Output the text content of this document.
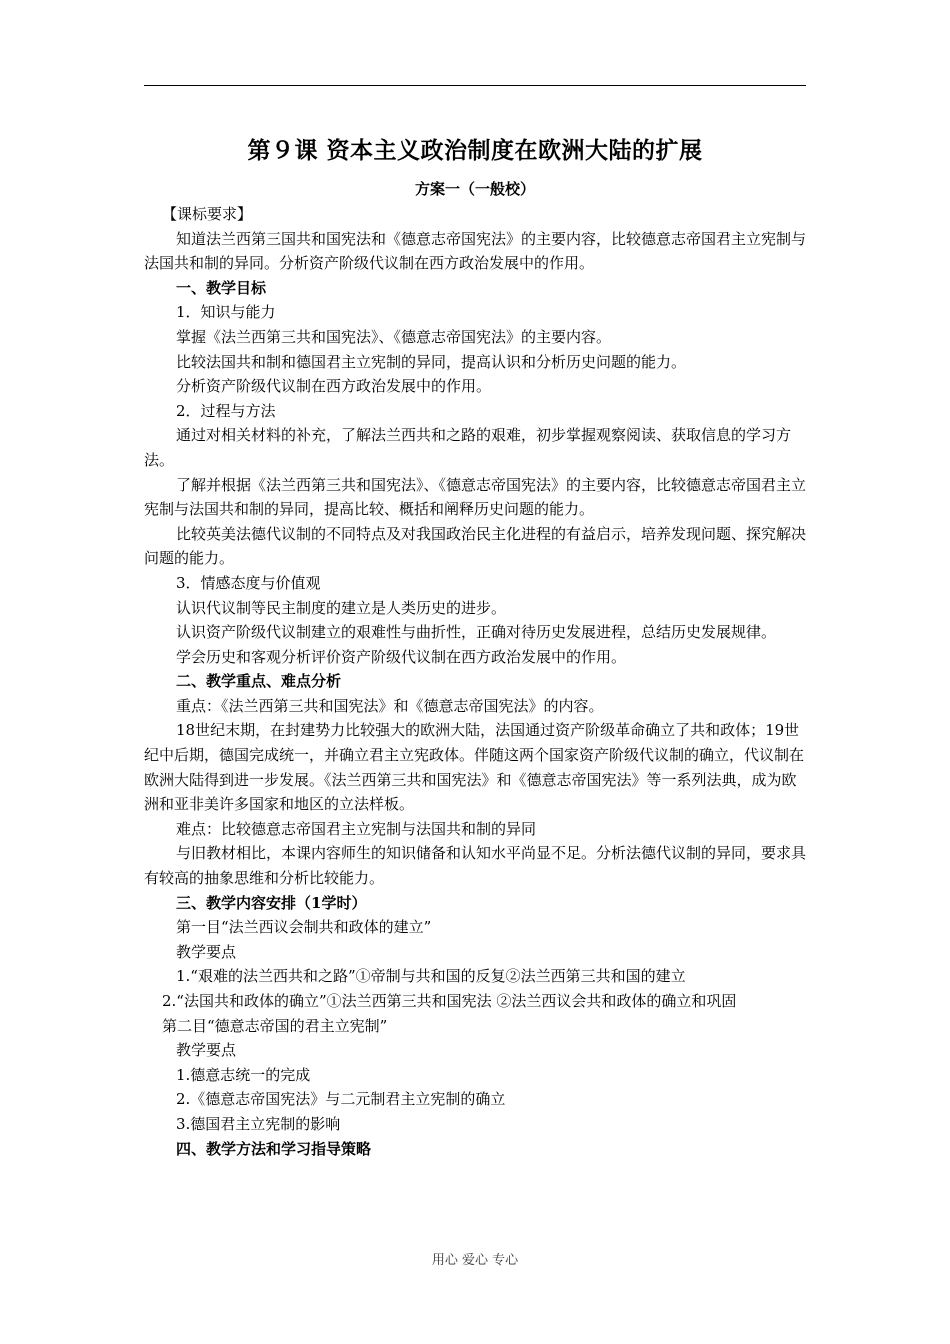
第９课 资本主义政治制度在欧洲大陆的扩展
方案一（一般校）

【课标要求】

知道法兰西第三国共和国宪法和《德意志帝国宪法》的主要内容，比较德意志帝国君主立宪制与法国共和制的异同。分析资产阶级代议制在西方政治发展中的作用。

一、教学目标

1．知识与能力

掌握《法兰西第三共和国宪法》、《德意志帝国宪法》的主要内容。

比较法国共和制和德国君主立宪制的异同，提高认识和分析历史问题的能力。

分析资产阶级代议制在西方政治发展中的作用。

2．过程与方法

通过对相关材料的补充，了解法兰西共和之路的艰难，初步掌握观察阅读、获取信息的学习方法。

了解并根据《法兰西第三共和国宪法》、《德意志帝国宪法》的主要内容，比较德意志帝国君主立宪制与法国共和制的异同，提高比较、概括和阐释历史问题的能力。

比较英美法德代议制的不同特点及对我国政治民主化进程的有益启示，培养发现问题、探究解决问题的能力。

3．情感态度与价值观

认识代议制等民主制度的建立是人类历史的进步。

认识资产阶级代议制建立的艰难性与曲折性，正确对待历史发展进程，总结历史发展规律。

学会历史和客观分析评价资产阶级代议制在西方政治发展中的作用。

二、教学重点、难点分析

重点：《法兰西第三共和国宪法》和《德意志帝国宪法》的内容。

18世纪末期，在封建势力比较强大的欧洲大陆，法国通过资产阶级革命确立了共和政体；19世纪中后期，德国完成统一，并确立君主立宪政体。伴随这两个国家资产阶级代议制的确立，代议制在欧洲大陆得到进一步发展。《法兰西第三共和国宪法》和《德意志帝国宪法》等一系列法典，成为欧洲和亚非美许多国家和地区的立法样板。

难点：比较德意志帝国君主立宪制与法国共和制的异同

与旧教材相比，本课内容师生的知识储备和认知水平尚显不足。分析法德代议制的异同，要求具有较高的抽象思维和分析比较能力。

三、教学内容安排（1学时）

第一目“法兰西议会制共和政体的建立”

教学要点

1.“艰难的法兰西共和之路”①帝制与共和国的反复②法兰西第三共和国的建立

2.“法国共和政体的确立”①法兰西第三共和国宪法 ②法兰西议会共和政体的确立和巩固

第二目“德意志帝国的君主立宪制”

教学要点

1.德意志统一的完成

2.《德意志帝国宪法》与二元制君主立宪制的确立

3.德国君主立宪制的影响

四、教学方法和学习指导策略

用心 爱心 专心
